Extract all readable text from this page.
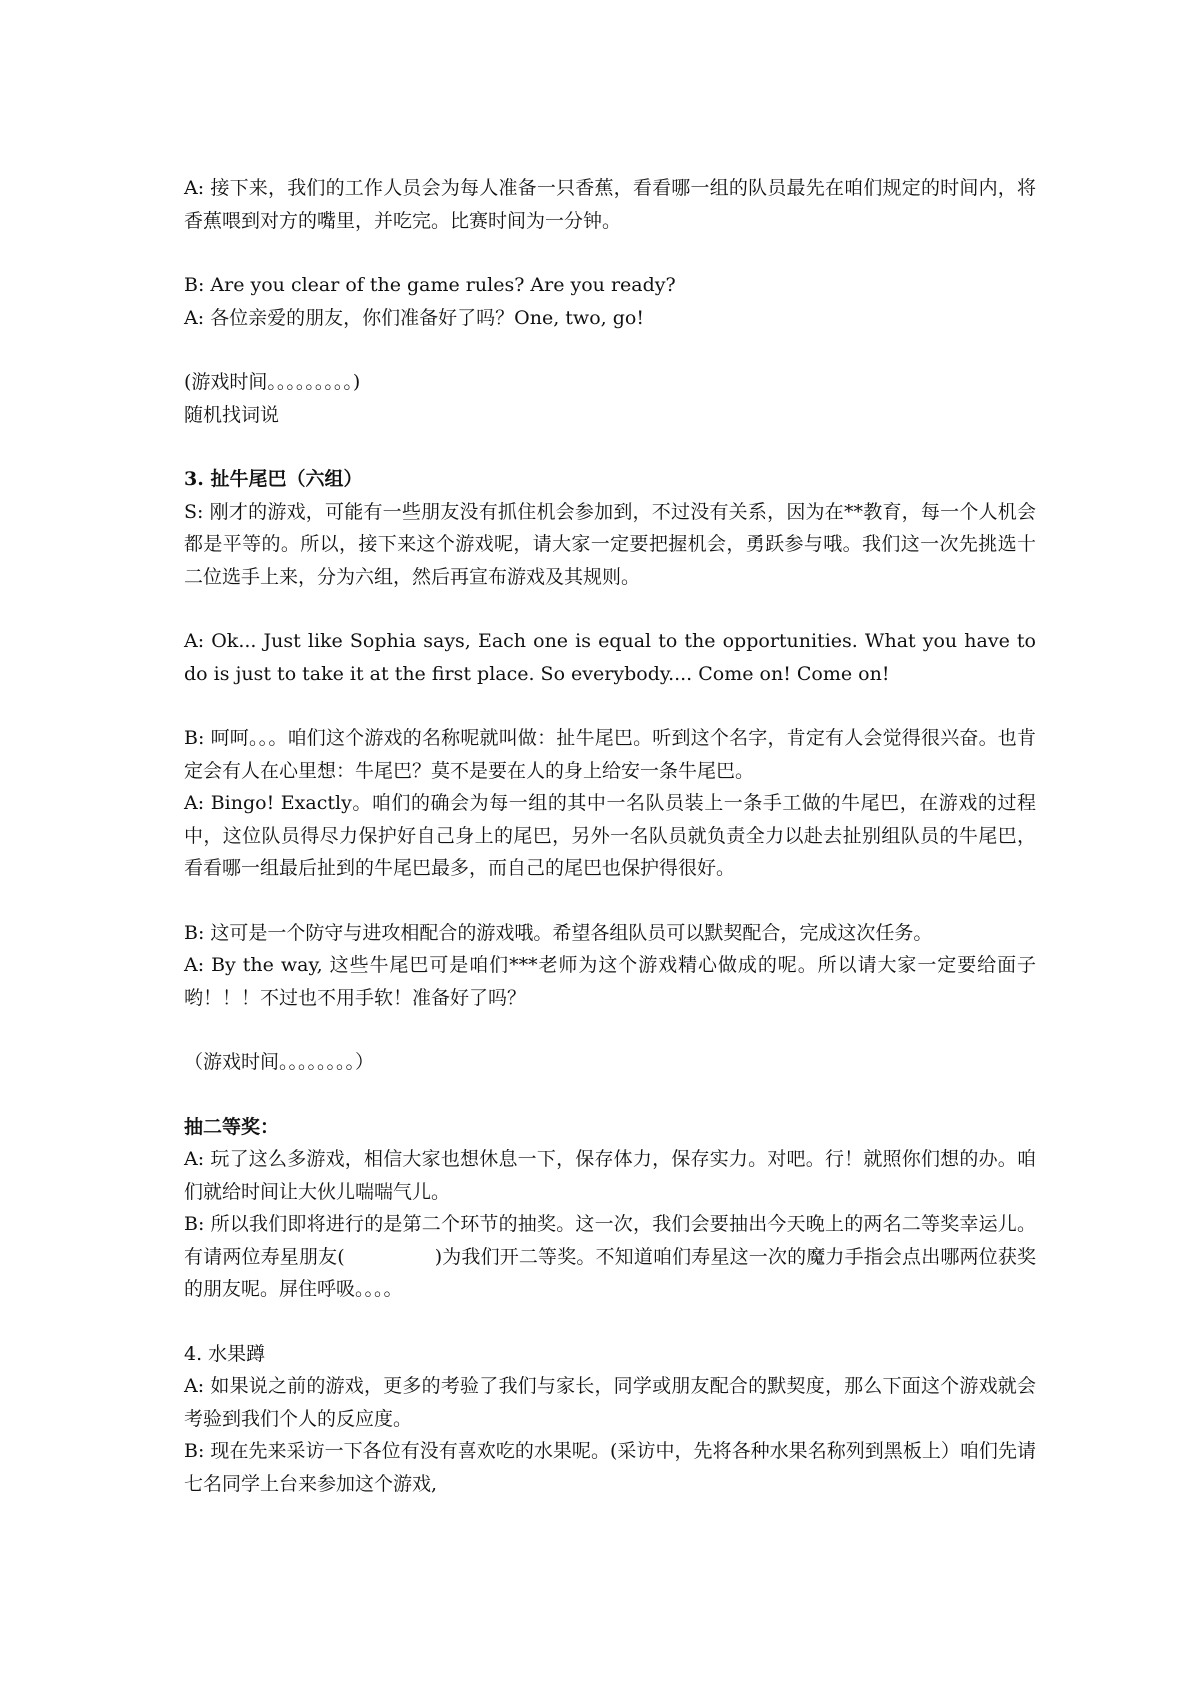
A: 接下来，我们的工作人员会为每人准备一只香蕉，看看哪一组的队员最先在咱们规定的时间内，将香蕉喂到对方的嘴里，并吃完。比赛时间为一分钟。

B: Are you clear of the game rules? Are you ready?

A: 各位亲爱的朋友，你们准备好了吗？One, two, go!

(游戏时间。。。。。。。。。)

随机找词说

3. 扯牛尾巴（六组）

S: 刚才的游戏，可能有一些朋友没有抓住机会参加到，不过没有关系，因为在**教育，每一个人机会都是平等的。所以，接下来这个游戏呢，请大家一定要把握机会，勇跃参与哦。我们这一次先挑选十二位选手上来，分为六组，然后再宣布游戏及其规则。

A: Ok... Just like Sophia says, Each one is equal to the opportunities. What you have to do is just to take it at the first place. So everybody.... Come on! Come on!

B: 呵呵。。。咱们这个游戏的名称呢就叫做：扯牛尾巴。听到这个名字，肯定有人会觉得很兴奋。也肯定会有人在心里想：牛尾巴？莫不是要在人的身上给安一条牛尾巴。

A: Bingo! Exactly。咱们的确会为每一组的其中一名队员装上一条手工做的牛尾巴，在游戏的过程中，这位队员得尽力保护好自己身上的尾巴，另外一名队员就负责全力以赴去扯别组队员的牛尾巴，看看哪一组最后扯到的牛尾巴最多，而自己的尾巴也保护得很好。

B: 这可是一个防守与进攻相配合的游戏哦。希望各组队员可以默契配合，完成这次任务。

A: By the way, 这些牛尾巴可是咱们***老师为这个游戏精心做成的呢。所以请大家一定要给面子哟！！！不过也不用手软！准备好了吗？

（游戏时间。。。。。。。。）

抽二等奖：

A: 玩了这么多游戏，相信大家也想休息一下，保存体力，保存实力。对吧。行！就照你们想的办。咱们就给时间让大伙儿喘喘气儿。

B: 所以我们即将进行的是第二个环节的抽奖。这一次，我们会要抽出今天晚上的两名二等奖幸运儿。有请两位寿星朋友(	)为我们开二等奖。不知道咱们寿星这一次的魔力手指会点出哪两位获奖的朋友呢。屏住呼吸。。。。

4. 水果蹲

A: 如果说之前的游戏，更多的考验了我们与家长，同学或朋友配合的默契度，那么下面这个游戏就会考验到我们个人的反应度。

B: 现在先来采访一下各位有没有喜欢吃的水果呢。(采访中，先将各种水果名称列到黑板上）咱们先请七名同学上台来参加这个游戏,
